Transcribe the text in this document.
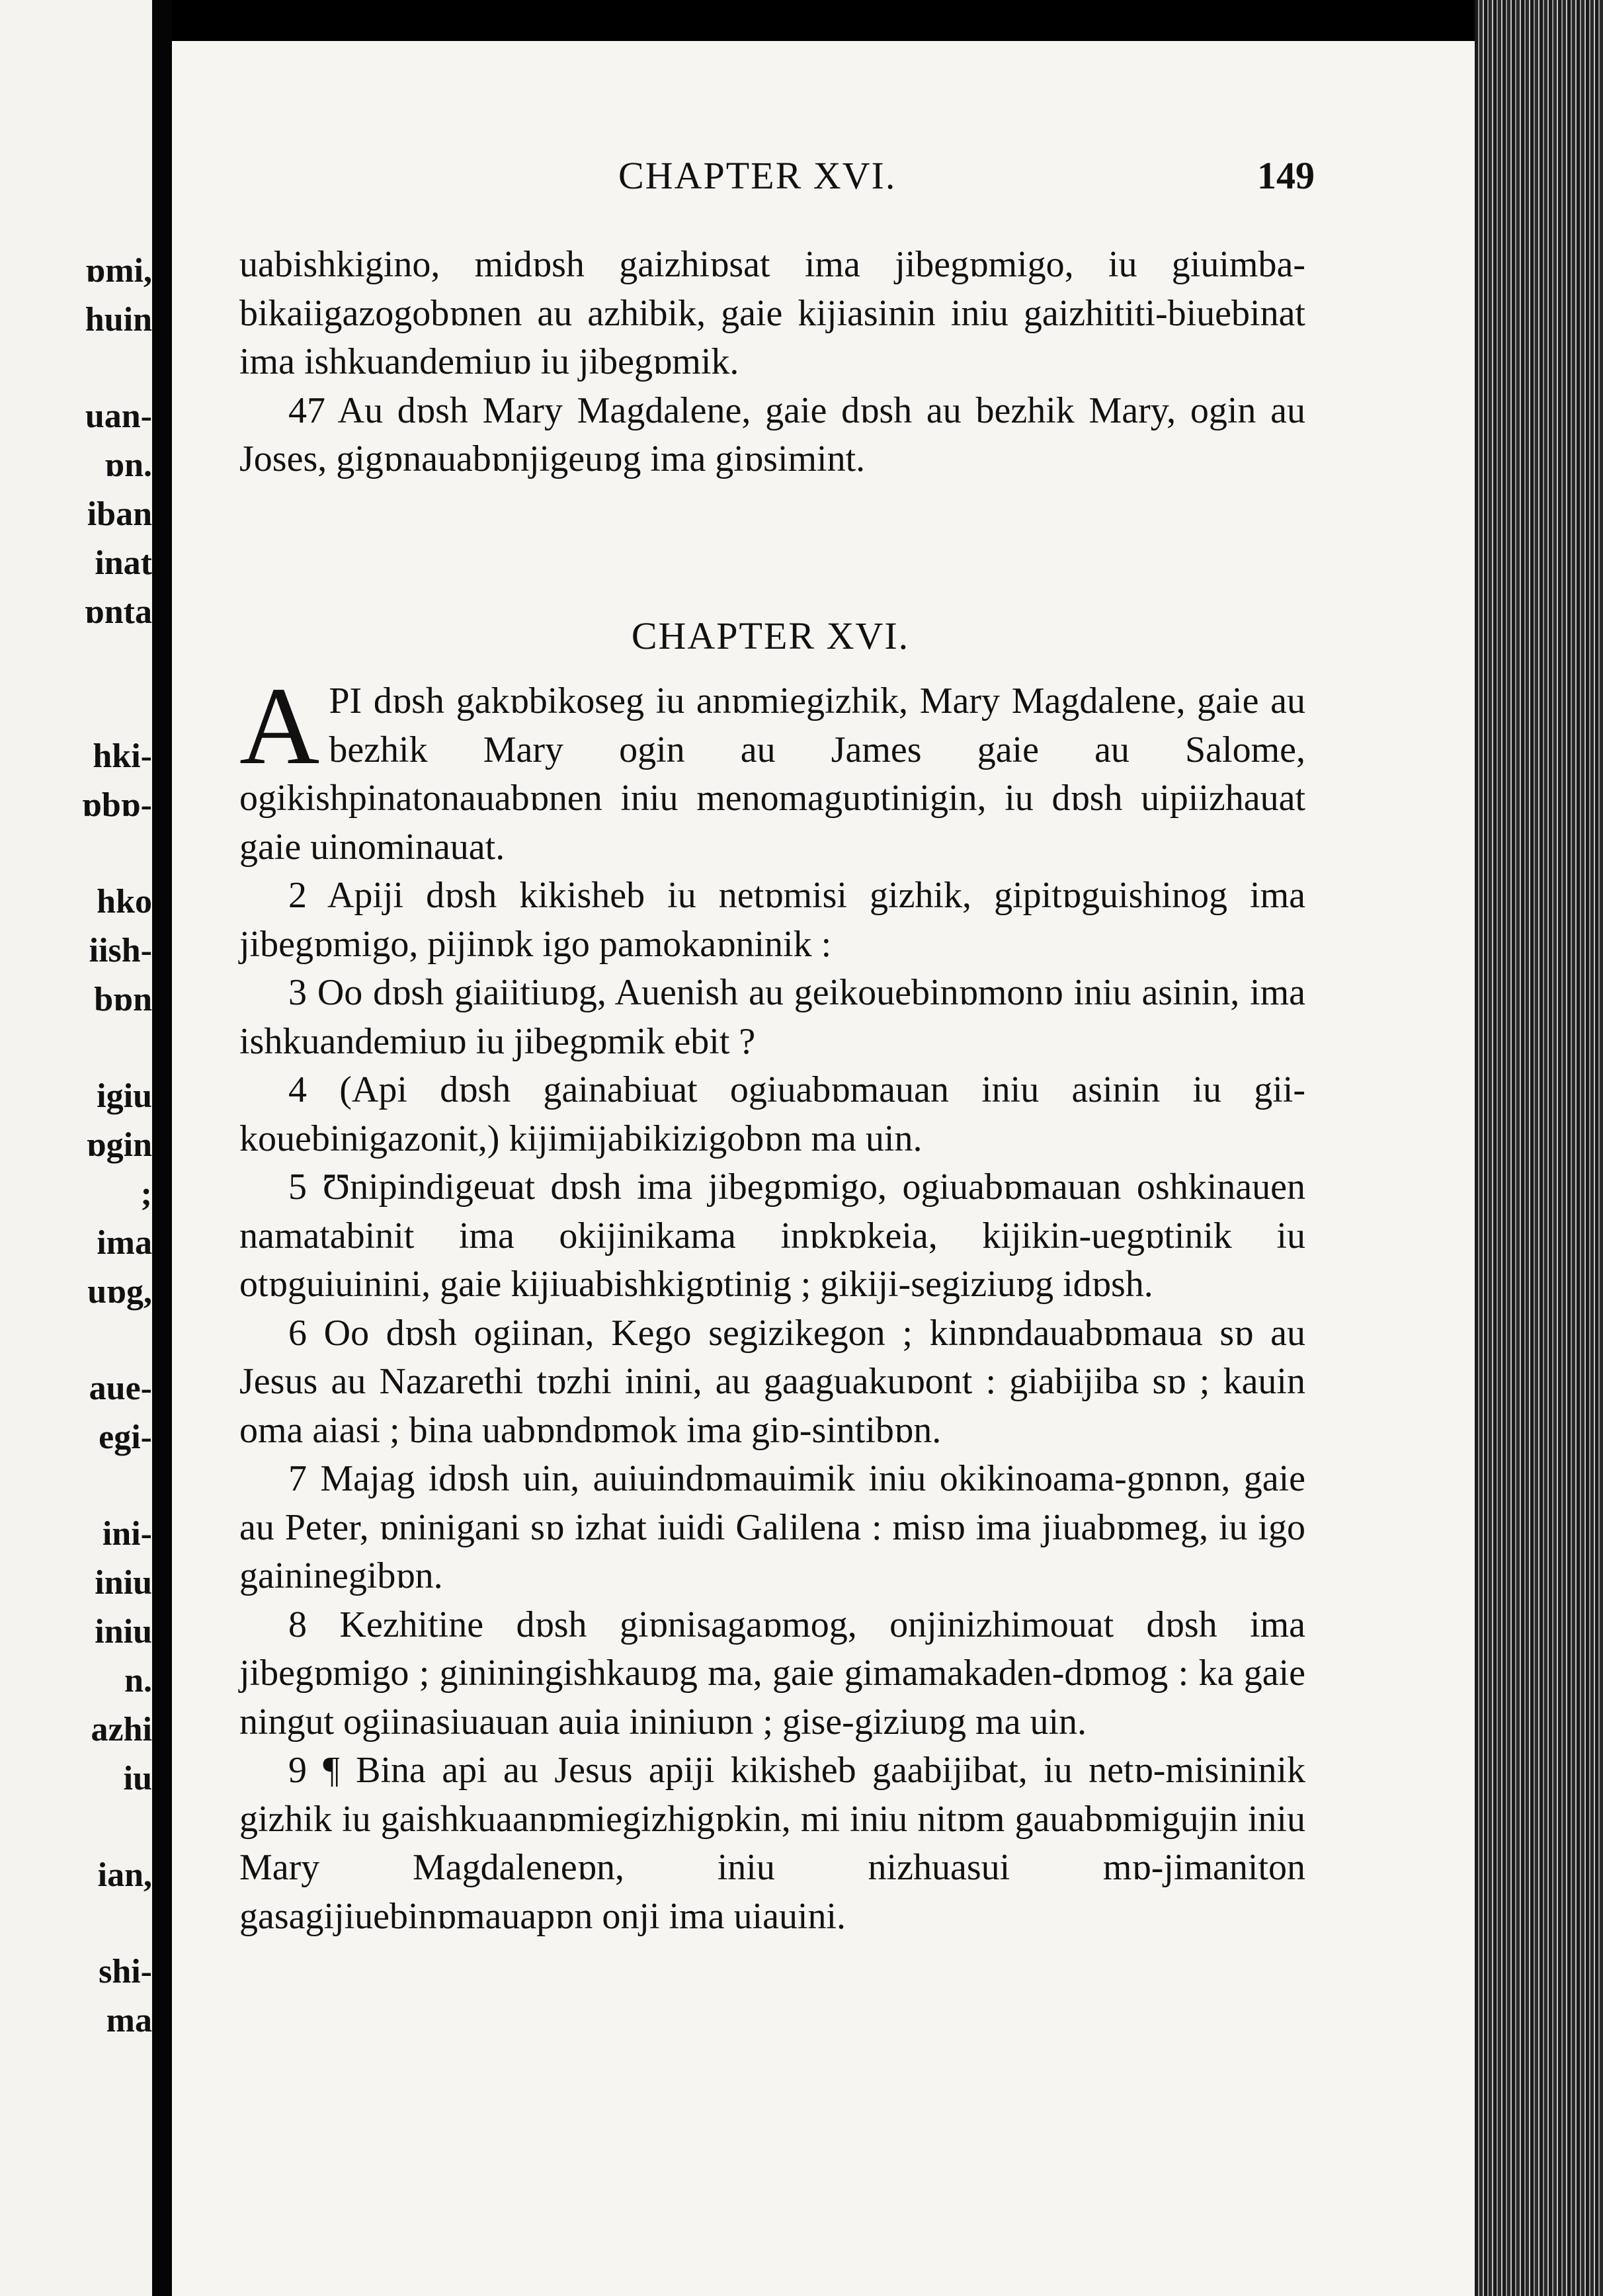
ɒmi,
huin
uan-
ɒn.
iban
inat
ɒnta
hki-
ɒbɒ-
hko
iish-
bɒn
igiu
ɒgin
;
ima
uɒg,
aue-
egi-
ini-
iniu
iniu
n.
azhi
iu
ian,
shi-
ma
CHAPTER XVI.	149

uabishkigino, midɒsh gaizhiɒsat ima jibegɒmigo, iu giuimba-bikaiigazogobɒnen au azhibik, gaie kijiasinin iniu gaizhititi-biuebinat ima ishkuandemiuɒ iu jibegɒmik.

47 Au dɒsh Mary Magdalene, gaie dɒsh au bezhik Mary, ogin au Joses, gigɒnauabɒnjigeuɒg ima giɒsimint.

CHAPTER XVI.

API dɒsh gakɒbikoseg iu anɒmiegizhik, Mary Magdalene, gaie au bezhik Mary ogin au James gaie au Salome, ogikishpinatonauabɒnen iniu menomaguɒtinigin, iu dɒsh uipiizhauat gaie uinominauat.

2 Apiji dɒsh kikisheb iu netɒmisi gizhik, gipitɒguishinog ima jibegɒmigo, pijinɒk igo pamokaɒninik :

3 Oo dɒsh giaiitiuɒg, Auenish au geikouebinɒmonɒ iniu asinin, ima ishkuandemiuɒ iu jibegɒmik ebit ?

4 (Api dɒsh gainabiuat ogiuabɒmauan iniu asinin iu gii-kouebinigazonit,) kijimijabikizigobɒn ma uin.

5 Ʊnipindigeuat dɒsh ima jibegɒmigo, ogiuabɒmauan oshkinauen namatabinit ima okijinikama inɒkɒkeia, kijikin-uegɒtinik iu otɒguiuinini, gaie kijiuabishkigɒtinig ; gikiji-segiziuɒg idɒsh.

6 Oo dɒsh ogiinan, Kego segizikegon ; kinɒndauabɒmaua sɒ au Jesus au Nazarethi tɒzhi inini, au gaaguakuɒont : giabijiba sɒ ; kauin oma aiasi ; bina uabɒndɒmok ima giɒ-sintibɒn.

7 Majag idɒsh uin, auiuindɒmauimik iniu okikinoama-gɒnɒn, gaie au Peter, ɒninigani sɒ izhat iuidi Galilena : misɒ ima jiuabɒmeg, iu igo gaininegibɒn.

8 Kezhitine dɒsh giɒnisagaɒmog, onjinizhimouat dɒsh ima jibegɒmigo ; gininingishkauɒg ma, gaie gimamakaden-dɒmog : ka gaie ningut ogiinasiuauan auia ininiuɒn ; gise-giziuɒg ma uin.

9 ¶ Bina api au Jesus apiji kikisheb gaabijibat, iu netɒ-misininik gizhik iu gaishkuaanɒmiegizhigɒkin, mi iniu nitɒm gauabɒmigujin iniu Mary Magdaleneɒn, iniu nizhuasui mɒ-jimaniton gasagijiuebinɒmauapɒn onji ima uiauini.
